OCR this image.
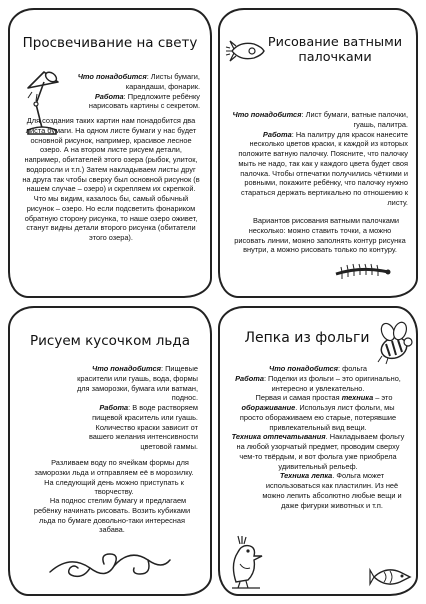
Просвечивание на свету
Что понадобится: Листы бумаги, карандаши, фонарик.
Работа: Предложите ребёнку нарисовать картины с секретом.
Для создания таких картин нам понадобится два листа бумаги. На одном листе бумаги у нас будет основной рисунок, например, красивое лесное озеро. А на втором листе рисуем детали, например, обитателей этого озера (рыбок, улиток, водоросли и т.п.) Затем накладываем листы друг на друга так чтобы сверху был основной рисунок (в нашем случае – озеро) и скрепляем их скрепкой. Что мы видим, казалось бы, самый обычный рисунок – озеро. Но если подсветить фонариком обратную сторону рисунка, то наше озеро оживет, станут видны детали второго рисунка (обитатели этого озера).
Рисование ватными палочками
Что понадобится: Лист бумаги, ватные палочки, гуашь, палитра.
Работа: На палитру для красок нанесите несколько цветов краски, к каждой из которых положите ватную палочку. Поясните, что палочку мыть не надо, так как у каждого цвета будет своя палочка. Чтобы отпечатки получились чёткими и ровными, покажите ребёнку, что палочку нужно стараться держать вертикально по отношению к листу.
Вариантов рисования ватными палочками несколько: можно ставить точки, а можно рисовать линии, можно заполнять контур рисунка внутри, а можно рисовать только по контуру.
Рисуем кусочком льда
Что понадобится: Пищевые красители или гуашь, вода, формы для заморозки, бумага или ватман, подноc.
Работа: В воде растворяем пищевой краситель или гуашь. Количество краски зависит от вашего желания интенсивности цветовой гаммы.
Разливаем воду по ячейкам формы для заморозки льда и отправляем её в морозилку. На следующий день можно приступать к творчеству.
На поднос стелим бумагу и предлагаем ребёнку начинать рисовать. Возить кубиками льда по бумаге довольно-таки интересная забава.
Лепка из фольги
Что понадобится: фольга
Работа: Поделки из фольги – это оригинально, интересно и увлекательно.

Первая и самая простая техника – это обораживание. Используя лист фольги, мы просто обораживаем ею старые, потерявшие привлекательный вид вещи.

Техника отпечатывания. Накладываем фольгу на любой узорчатый предмет, проводим сверху чем-то твёрдым, и вот фольга уже приобрела удивительный рельеф.

Техника лепка. Фольга может использоваться как пластилин. Из неё можно лепить абсолютно любые вещи и даже фигурки животных и т.п.
